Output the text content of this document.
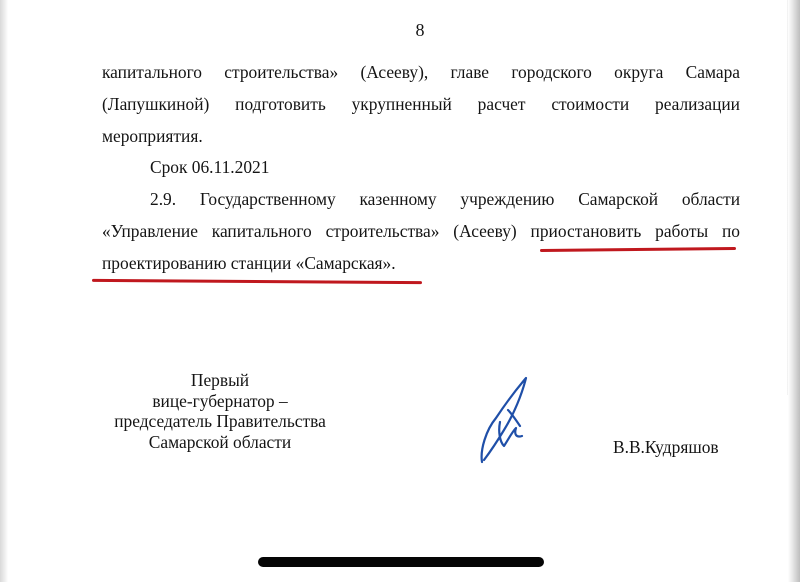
8
капитального строительства» (Асееву), главе городского округа Самара
(Лапушкиной) подготовить укрупненный расчет стоимости реализации
мероприятия.
Срок 06.11.2021
2.9. Государственному казенному учреждению Самарской области
«Управление капитального строительства» (Асееву) приостановить работы по
проектированию станции «Самарская».
Первый
вице-губернатор –
председатель Правительства
Самарской области	В.В.Кудряшов
